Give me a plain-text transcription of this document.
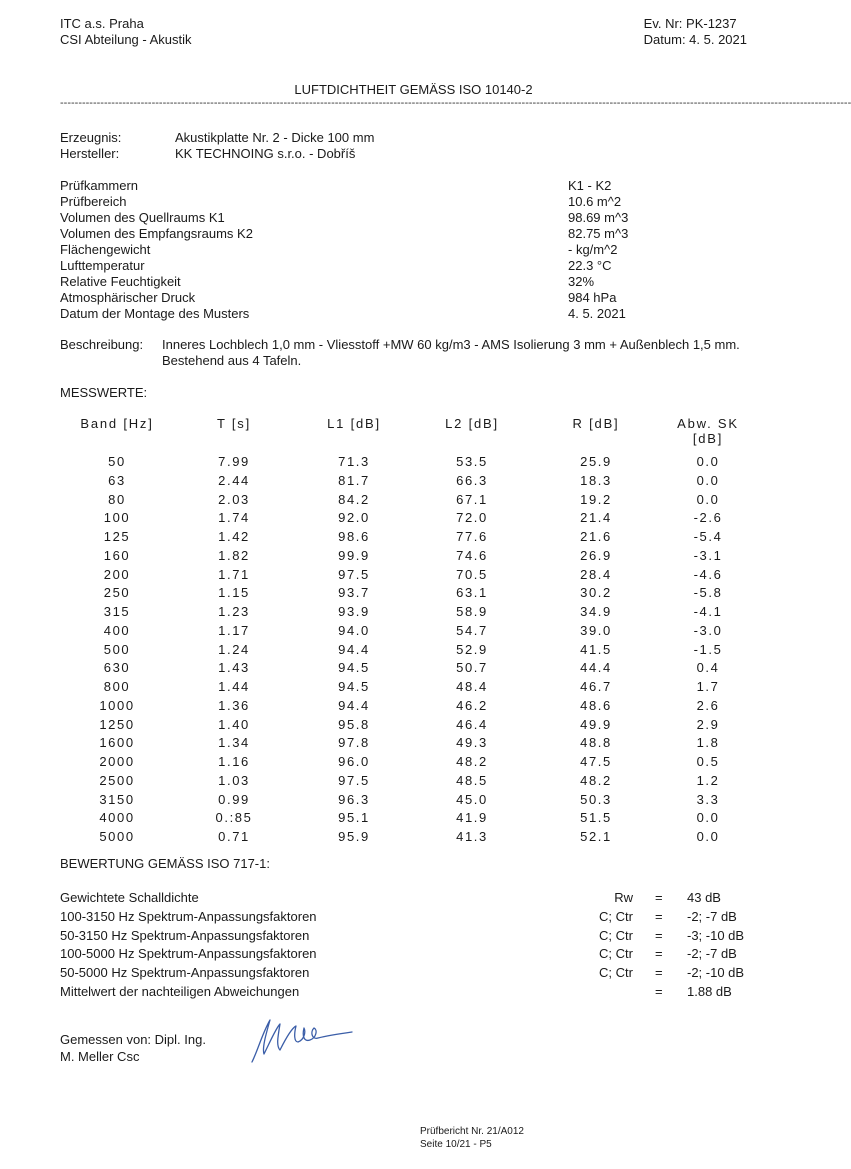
ITC a.s. Praha
CSI Abteilung - Akustik
Ev. Nr: PK-1237
Datum: 4. 5. 2021
LUFTDICHTHEIT GEMÄSS ISO 10140-2
------------------------------------------------------------------------------------------------------------------------------------------------------------------------------------------------------------------------
Erzeugnis:	Akustikplatte Nr. 2 - Dicke 100 mm
Hersteller:	KK TECHNOING s.r.o. - Dobříš
Prüfkammern	K1 - K2
Prüfbereich	10.6 m^2
Volumen des Quellraums K1	98.69 m^3
Volumen des Empfangsraums K2	82.75 m^3
Flächengewicht	- kg/m^2
Lufttemperatur	22.3 °C
Relative Feuchtigkeit	32%
Atmosphärischer Druck	984 hPa
Datum der Montage des Musters	4. 5. 2021
Beschreibung: Inneres Lochblech 1,0 mm - Vliesstoff +MW 60 kg/m3 - AMS Isolierung 3 mm + Außenblech 1,5 mm. Bestehend aus 4 Tafeln.
MESSWERTE:
Band [Hz]	T [s]	L1 [dB]	L2 [dB]	R [dB]	Abw. SK [dB]
50	7.99	71.3	53.5	25.9	0.0
63	2.44	81.7	66.3	18.3	0.0
80	2.03	84.2	67.1	19.2	0.0
100	1.74	92.0	72.0	21.4	-2.6
125	1.42	98.6	77.6	21.6	-5.4
160	1.82	99.9	74.6	26.9	-3.1
200	1.71	97.5	70.5	28.4	-4.6
250	1.15	93.7	63.1	30.2	-5.8
315	1.23	93.9	58.9	34.9	-4.1
400	1.17	94.0	54.7	39.0	-3.0
500	1.24	94.4	52.9	41.5	-1.5
630	1.43	94.5	50.7	44.4	0.4
800	1.44	94.5	48.4	46.7	1.7
1000	1.36	94.4	46.2	48.6	2.6
1250	1.40	95.8	46.4	49.9	2.9
1600	1.34	97.8	49.3	48.8	1.8
2000	1.16	96.0	48.2	47.5	0.5
2500	1.03	97.5	48.5	48.2	1.2
3150	0.99	96.3	45.0	50.3	3.3
4000	0.:85	95.1	41.9	51.5	0.0
5000	0.71	95.9	41.3	52.1	0.0
BEWERTUNG GEMÄSS ISO 717-1:
Gewichtete Schalldichte	Rw = 43 dB
100-3150 Hz Spektrum-Anpassungsfaktoren	C; Ctr = -2; -7 dB
50-3150 Hz Spektrum-Anpassungsfaktoren	C; Ctr = -3; -10 dB
100-5000 Hz Spektrum-Anpassungsfaktoren	C; Ctr = -2; -7 dB
50-5000 Hz Spektrum-Anpassungsfaktoren	C; Ctr = -2; -10 dB
Mittelwert der nachteiligen Abweichungen	= 1.88 dB
Gemessen von: Dipl. Ing.
M. Meller Csc
Prüfbericht Nr. 21/A012
Seite 10/21 - P5
